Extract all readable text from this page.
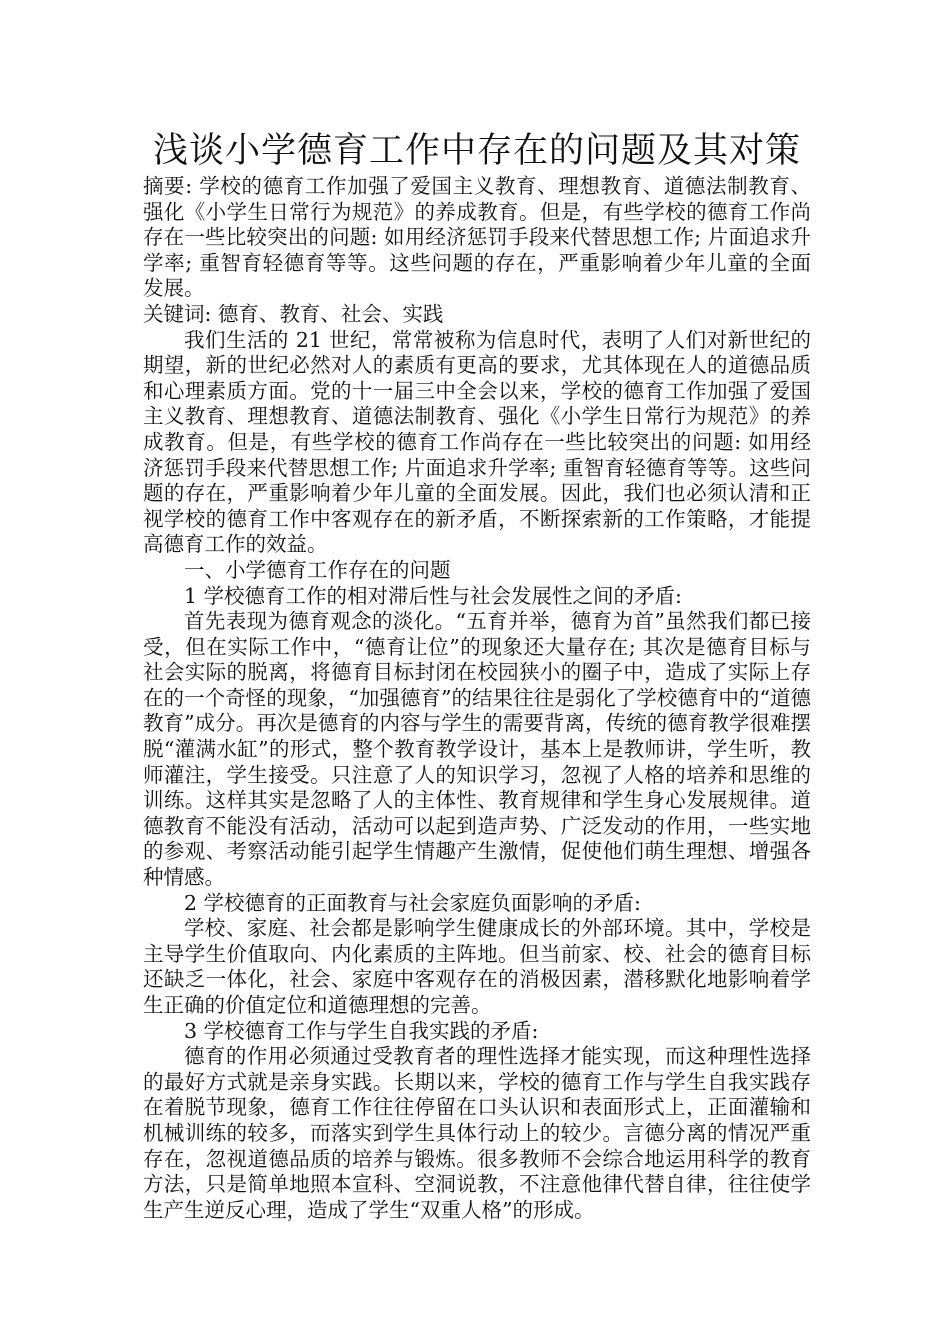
浅谈小学德育工作中存在的问题及其对策

摘要: 学校的德育工作加强了爱国主义教育、理想教育、道德法制教育、强化《小学生日常行为规范》的养成教育。但是，有些学校的德育工作尚存在一些比较突出的问题: 如用经济惩罚手段来代替思想工作; 片面追求升学率; 重智育轻德育等等。这些问题的存在，严重影响着少年儿童的全面发展。

关键词: 德育、教育、社会、实践

我们生活的 21 世纪，常常被称为信息时代，表明了人们对新世纪的期望，新的世纪必然对人的素质有更高的要求，尤其体现在人的道德品质和心理素质方面。党的十一届三中全会以来，学校的德育工作加强了爱国主义教育、理想教育、道德法制教育、强化《小学生日常行为规范》的养成教育。但是，有些学校的德育工作尚存在一些比较突出的问题: 如用经济惩罚手段来代替思想工作; 片面追求升学率; 重智育轻德育等等。这些问题的存在，严重影响着少年儿童的全面发展。因此，我们也必须认清和正视学校的德育工作中客观存在的新矛盾，不断探索新的工作策略，才能提高德育工作的效益。

一、小学德育工作存在的问题

1 学校德育工作的相对滞后性与社会发展性之间的矛盾:

首先表现为德育观念的淡化。“五育并举，德育为首”虽然我们都已接受，但在实际工作中，“德育让位”的现象还大量存在; 其次是德育目标与社会实际的脱离，将德育目标封闭在校园狭小的圈子中，造成了实际上存在的一个奇怪的现象，“加强德育”的结果往往是弱化了学校德育中的“道德教育”成分。再次是德育的内容与学生的需要背离，传统的德育教学很难摆脱“灌满水缸”的形式，整个教育教学设计，基本上是教师讲，学生听，教师灌注，学生接受。只注意了人的知识学习，忽视了人格的培养和思维的训练。这样其实是忽略了人的主体性、教育规律和学生身心发展规律。道德教育不能没有活动，活动可以起到造声势、广泛发动的作用，一些实地的参观、考察活动能引起学生情趣产生激情，促使他们萌生理想、增强各种情感。

2 学校德育的正面教育与社会家庭负面影响的矛盾:

学校、家庭、社会都是影响学生健康成长的外部环境。其中，学校是主导学生价值取向、内化素质的主阵地。但当前家、校、社会的德育目标还缺乏一体化，社会、家庭中客观存在的消极因素，潜移默化地影响着学生正确的价值定位和道德理想的完善。

3 学校德育工作与学生自我实践的矛盾:

德育的作用必须通过受教育者的理性选择才能实现，而这种理性选择的最好方式就是亲身实践。长期以来，学校的德育工作与学生自我实践存在着脱节现象，德育工作往往停留在口头认识和表面形式上，正面灌输和机械训练的较多，而落实到学生具体行动上的较少。言德分离的情况严重存在，忽视道德品质的培养与锻炼。很多教师不会综合地运用科学的教育方法，只是简单地照本宣科、空洞说教，不注意他律代替自律，往往使学生产生逆反心理，造成了学生“双重人格”的形成。
